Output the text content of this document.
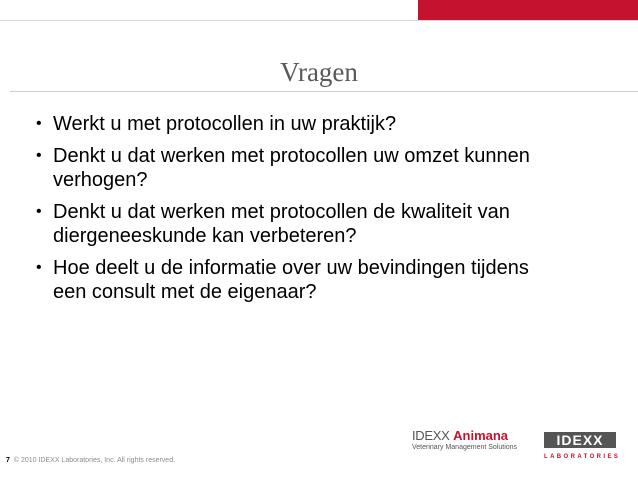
Vragen
• Werkt u met protocollen in uw praktijk?
• Denkt u dat werken met protocollen uw omzet kunnen verhogen?
• Denkt u dat werken met protocollen de kwaliteit van diergeneeskunde kan verbeteren?
• Hoe deelt u de informatie over uw bevindingen tijdens een consult met de eigenaar?
7 © 2010 IDEXX Laboratories, Inc. All rights reserved.
IDEXX Animana
Veterinary Management Solutions	IDEXX
LABORATORIES
